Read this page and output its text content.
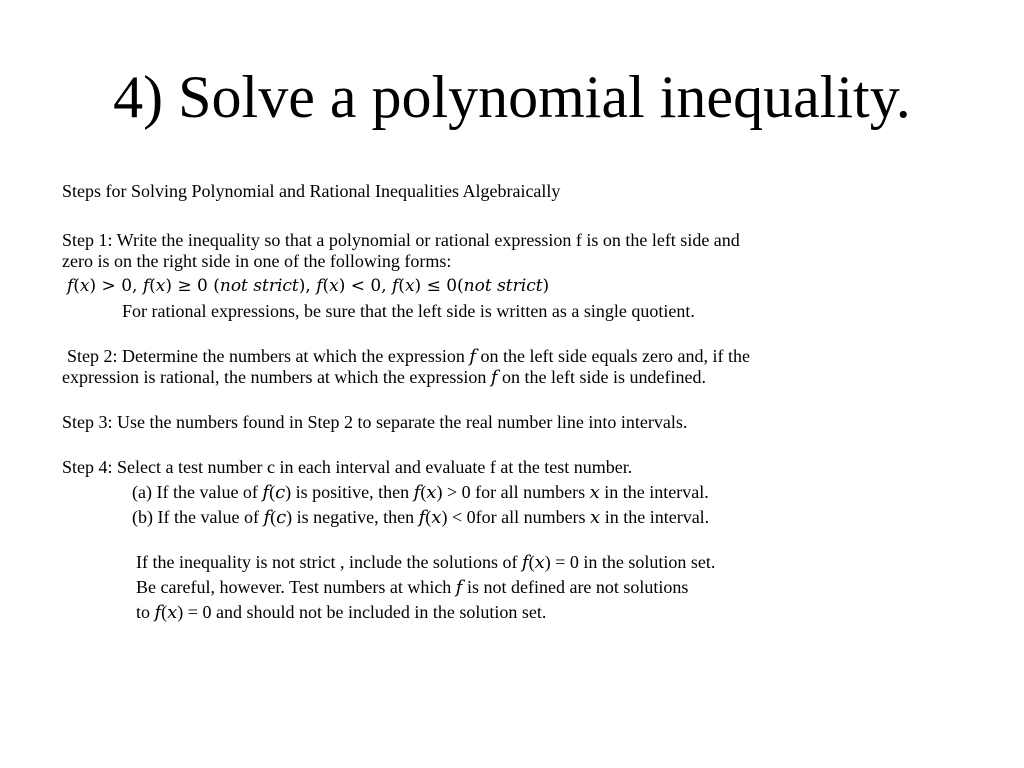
4) Solve a polynomial inequality.
Steps for Solving Polynomial and Rational Inequalities Algebraically
Step 1: Write the inequality so that a polynomial or rational expression f is on the left side and
zero is on the right side in one of the following forms:
𝑓(𝑥) > 0, 𝑓(𝑥) ≥ 0 (𝑛𝑜𝑡 𝑠𝑡𝑟𝑖𝑐𝑡), 𝑓(𝑥) < 0, 𝑓(𝑥) ≤ 0(𝑛𝑜𝑡 𝑠𝑡𝑟𝑖𝑐𝑡)
For rational expressions, be sure that the left side is written as a single quotient.
Step 2: Determine the numbers at which the expression 𝑓 on the left side equals zero and, if the
expression is rational, the numbers at which the expression 𝑓 on the left side is undefined.
Step 3: Use the numbers found in Step 2 to separate the real number line into intervals.
Step 4: Select a test number c in each interval and evaluate f at the test number.
(a) If the value of 𝑓(𝑐) is positive, then 𝑓(𝑥) > 0 for all numbers 𝑥 in the interval.
(b) If the value of 𝑓(𝑐) is negative, then 𝑓(𝑥) < 0for all numbers 𝑥 in the interval.
If the inequality is not strict , include the solutions of 𝑓(𝑥) = 0 in the solution set.
Be careful, however. Test numbers at which 𝑓 is not defined are not solutions
to 𝑓(𝑥) = 0 and should not be included in the solution set.
